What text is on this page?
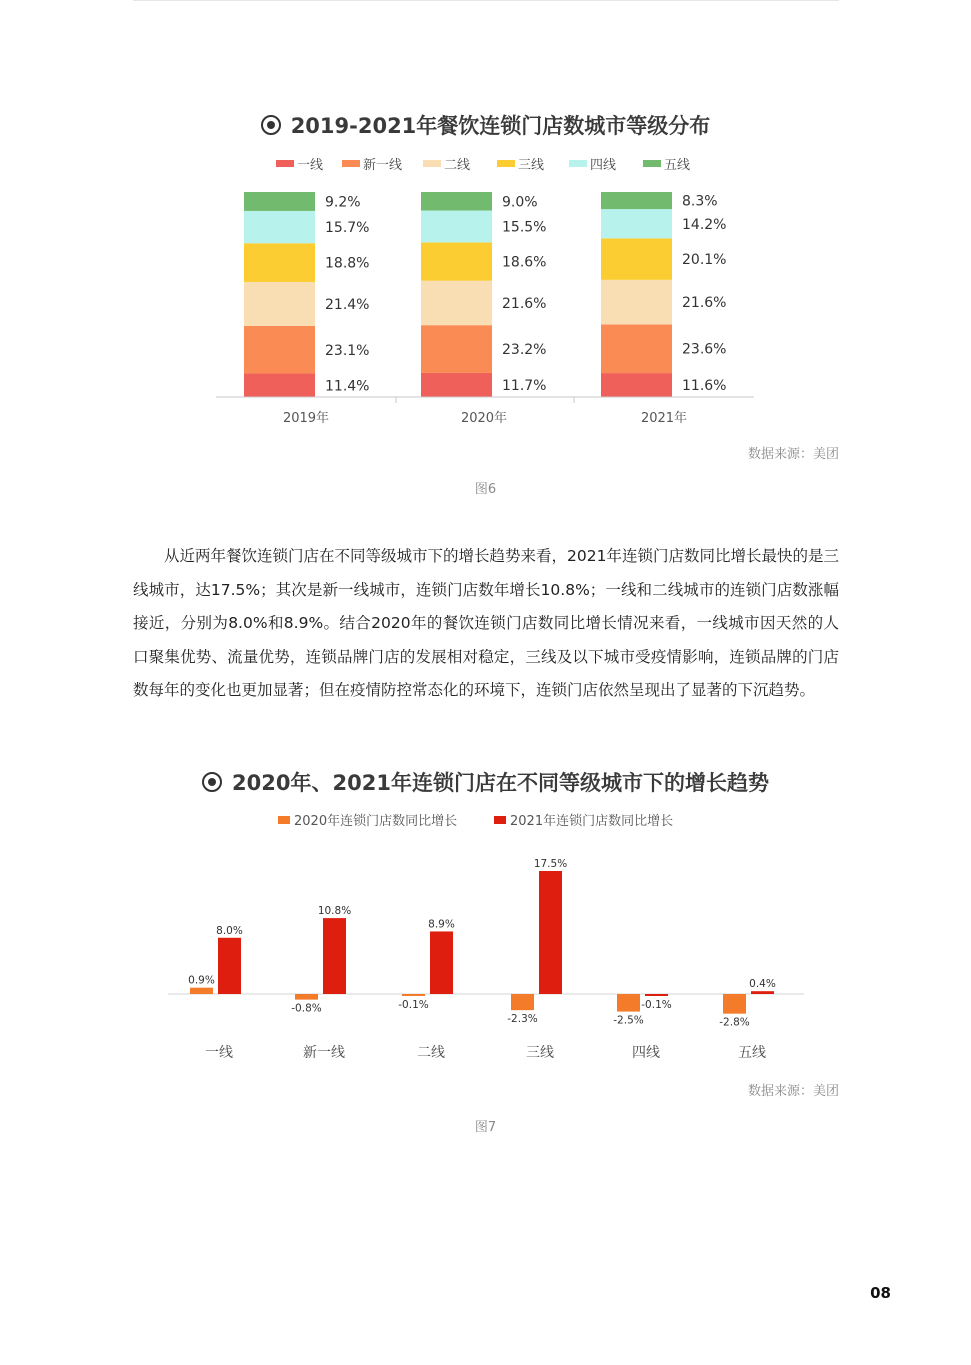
2019-2021年餐饮连锁门店数城市等级分布
一线	新一线	二线	三线	四线	五线
11.4%
23.1%
21.4%
18.8%
15.7%
9.2%
2019年
11.7%
23.2%
21.6%
18.6%
15.5%
9.0%
2020年
11.6%
23.6%
21.6%
20.1%
14.2%
8.3%
2021年
数据来源：美团
图6

从近两年餐饮连锁门店在不同等级城市下的增长趋势来看，2021年连锁门店数同比增长最快的是三线城市，达17.5%；其次是新一线城市，连锁门店数年增长10.8%；一线和二线城市的连锁门店数涨幅接近，分别为8.0%和8.9%。结合2020年的餐饮连锁门店数同比增长情况来看，一线城市因天然的人口聚集优势、流量优势，连锁品牌门店的发展相对稳定，三线及以下城市受疫情影响，连锁品牌的门店数每年的变化也更加显著；但在疫情防控常态化的环境下，连锁门店依然呈现出了显著的下沉趋势。

2020年、2021年连锁门店在不同等级城市下的增长趋势
2020年连锁门店数同比增长	2021年连锁门店数同比增长
0.9%
8.0%
一线
-0.8%
10.8%
新一线
-0.1%
8.9%
二线
-2.3%
17.5%
三线
-2.5%
-0.1%
四线
-2.8%
0.4%
五线
数据来源：美团
图7
08
